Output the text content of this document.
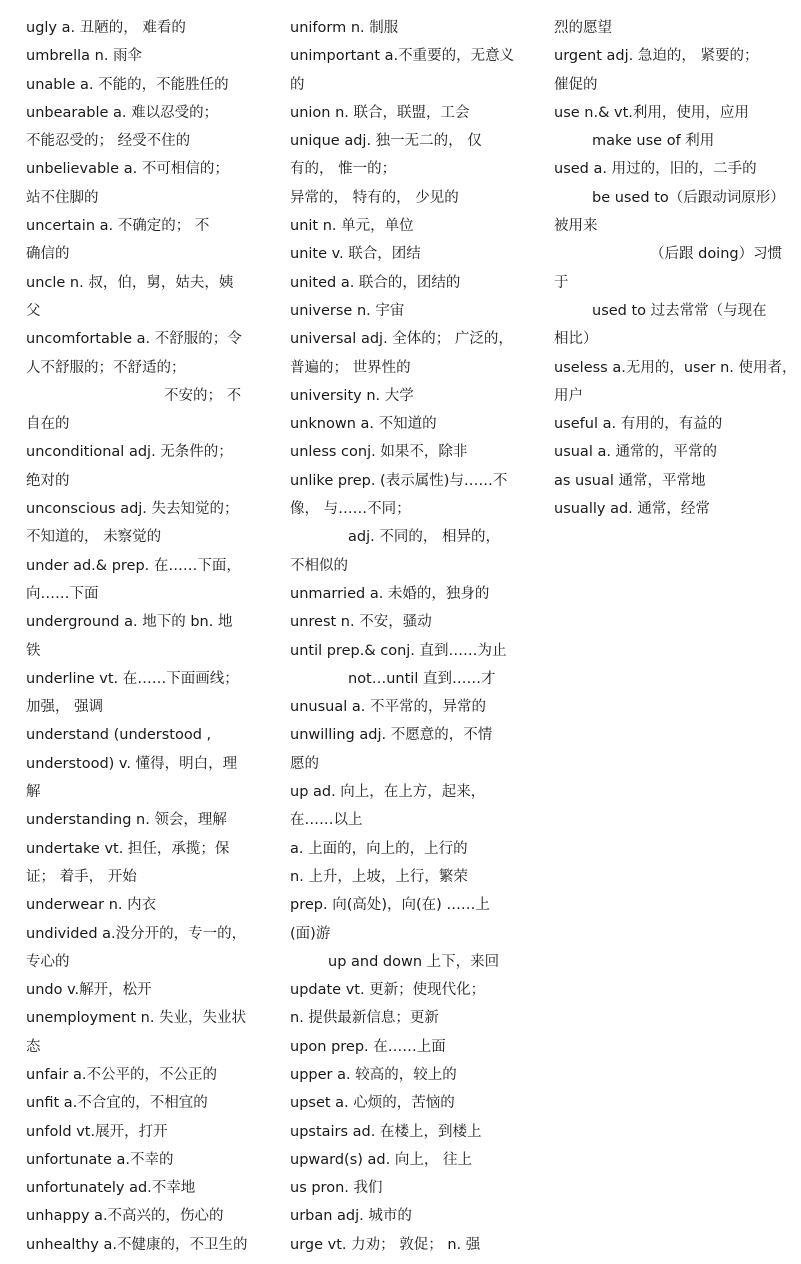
ugly a. 丑陋的， 难看的
umbrella n. 雨伞
unable a. 不能的，不能胜任的
unbearable a. 难以忍受的；
不能忍受的； 经受不住的
unbelievable a. 不可相信的；
站不住脚的
uncertain a. 不确定的； 不
确信的
uncle n. 叔，伯，舅，姑夫，姨
父
uncomfortable a. 不舒服的；令
人不舒服的；不舒适的；
不安的； 不
自在的
unconditional adj. 无条件的；
绝对的
unconscious adj. 失去知觉的；
不知道的， 未察觉的
under ad.& prep. 在……下面，
向……下面
underground a. 地下的 bn. 地
铁
underline vt. 在……下面画线；
加强， 强调
understand (understood ,
understood) v. 懂得，明白，理
解
understanding n. 领会，理解
undertake vt. 担任，承揽；保
证； 着手， 开始
underwear n. 内衣
undivided a.没分开的，专一的，
专心的
undo v.解开，松开
unemployment n. 失业，失业状
态
unfair a.不公平的，不公正的
unfit a.不合宜的，不相宜的
unfold vt.展开，打开
unfortunate a.不幸的
unfortunately ad.不幸地
unhappy a.不高兴的，伤心的
unhealthy a.不健康的，不卫生的
uniform n. 制服
unimportant a.不重要的，无意义
的
union n. 联合，联盟，工会
unique adj. 独一无二的， 仅
有的， 惟一的；
异常的， 特有的， 少见的
unit n. 单元，单位
unite v. 联合，团结
united a. 联合的，团结的
universe n. 宇宙
universal adj. 全体的； 广泛的，
普遍的； 世界性的
university n. 大学
unknown a. 不知道的
unless conj. 如果不，除非
unlike prep. (表示属性)与……不
像， 与……不同；
adj. 不同的， 相异的，
不相似的
unmarried a. 未婚的，独身的
unrest n. 不安，骚动
until prep.& conj. 直到……为止
not…until 直到……才
unusual a. 不平常的，异常的
unwilling adj. 不愿意的，不情
愿的
up ad. 向上，在上方，起来，
在……以上
a. 上面的，向上的，上行的
n. 上升，上坡，上行，繁荣
prep. 向(高处)，向(在) ……上
(面)游
up and down 上下，来回
update vt. 更新；使现代化；
n. 提供最新信息；更新
upon prep. 在……上面
upper a. 较高的，较上的
upset a. 心烦的，苦恼的
upstairs ad. 在楼上，到楼上
upward(s) ad. 向上， 往上
us pron. 我们
urban adj. 城市的
urge vt. 力劝； 敦促； n. 强
烈的愿望
urgent adj. 急迫的， 紧要的；
催促的
use n.& vt.利用，使用，应用
make use of 利用
used a. 用过的，旧的，二手的
be used to（后跟动词原形）
被用来
（后跟 doing）习惯
于
used to 过去常常（与现在
相比）
useless a.无用的，user n. 使用者，
用户
useful a. 有用的，有益的
usual a. 通常的，平常的
as usual 通常，平常地
usually ad. 通常，经常
